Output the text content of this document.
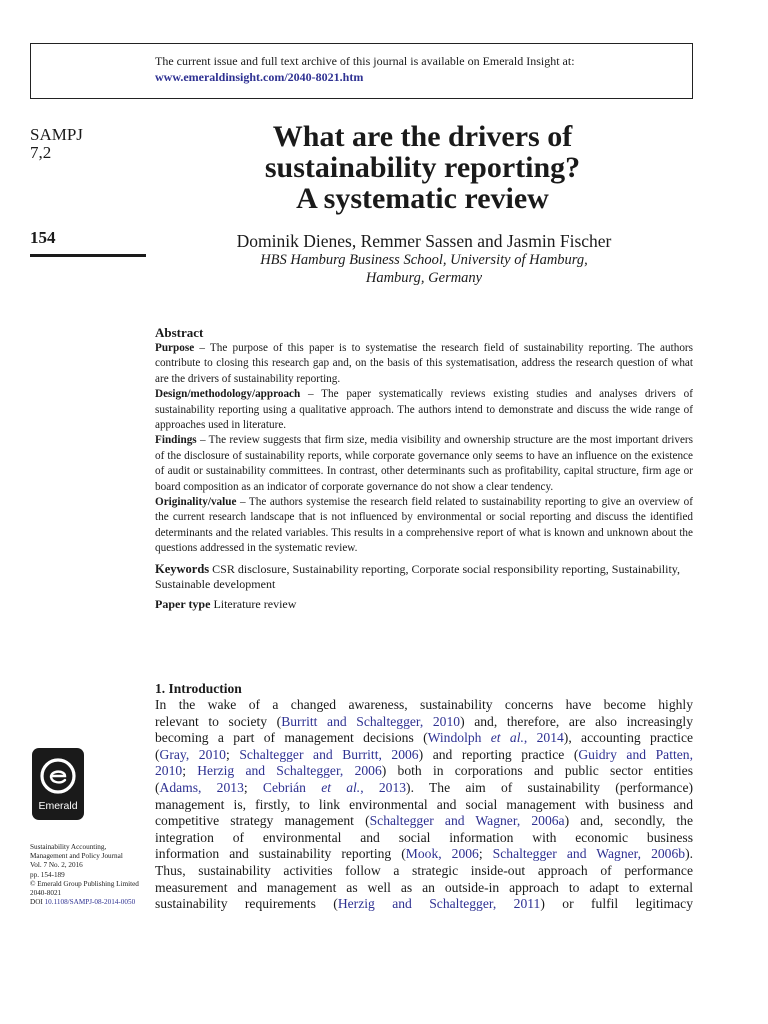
The current issue and full text archive of this journal is available on Emerald Insight at:
www.emeraldinsight.com/2040-8021.htm
SAMPJ
7,2
154
What are the drivers of
sustainability reporting?
A systematic review
Dominik Dienes, Remmer Sassen and Jasmin Fischer
HBS Hamburg Business School, University of Hamburg,
Hamburg, Germany
Abstract

Purpose – The purpose of this paper is to systematise the research field of sustainability reporting. The authors contribute to closing this research gap and, on the basis of this systematisation, address the research question of what are the drivers of sustainability reporting.

Design/methodology/approach – The paper systematically reviews existing studies and analyses drivers of sustainability reporting using a qualitative approach. The authors intend to demonstrate and discuss the wide range of approaches used in literature.

Findings – The review suggests that firm size, media visibility and ownership structure are the most important drivers of the disclosure of sustainability reports, while corporate governance only seems to have an influence on the existence of audit or sustainability committees. In contrast, other determinants such as profitability, capital structure, firm age or board composition as an indicator of corporate governance do not show a clear tendency.

Originality/value – The authors systemise the research field related to sustainability reporting to give an overview of the current research landscape that is not influenced by environmental or social reporting and discuss the identified determinants and the related variables. This results in a comprehensive report of what is known and unknown about the questions addressed in the systematic review.

Keywords CSR disclosure, Sustainability reporting, Corporate social responsibility reporting, Sustainability, Sustainable development
Paper type Literature review
1. Introduction
In the wake of a changed awareness, sustainability concerns have become highly
relevant to society (Burritt and Schaltegger, 2010) and, therefore, are also increasingly
becoming a part of management decisions (Windolph et al., 2014), accounting practice
(Gray, 2010; Schaltegger and Burritt, 2006) and reporting practice (Guidry and Patten,
2010; Herzig and Schaltegger, 2006) both in corporations and public sector entities
(Adams, 2013; Cebrián et al., 2013). The aim of sustainability (performance)
management is, firstly, to link environmental and social management with business and
competitive strategy management (Schaltegger and Wagner, 2006a) and, secondly, the
integration of environmental and social information with economic business
information and sustainability reporting (Mook, 2006; Schaltegger and Wagner, 2006b).
Thus, sustainability activities follow a strategic inside-out approach of performance
measurement and management as well as an outside-in approach to adapt to external
sustainability requirements (Herzig and Schaltegger, 2011) or fulfil legitimacy
Emerald
Sustainability Accounting,
Management and Policy Journal
Vol. 7 No. 2, 2016
pp. 154-189
© Emerald Group Publishing Limited
2040-8021
DOI 10.1108/SAMPJ-08-2014-0050
